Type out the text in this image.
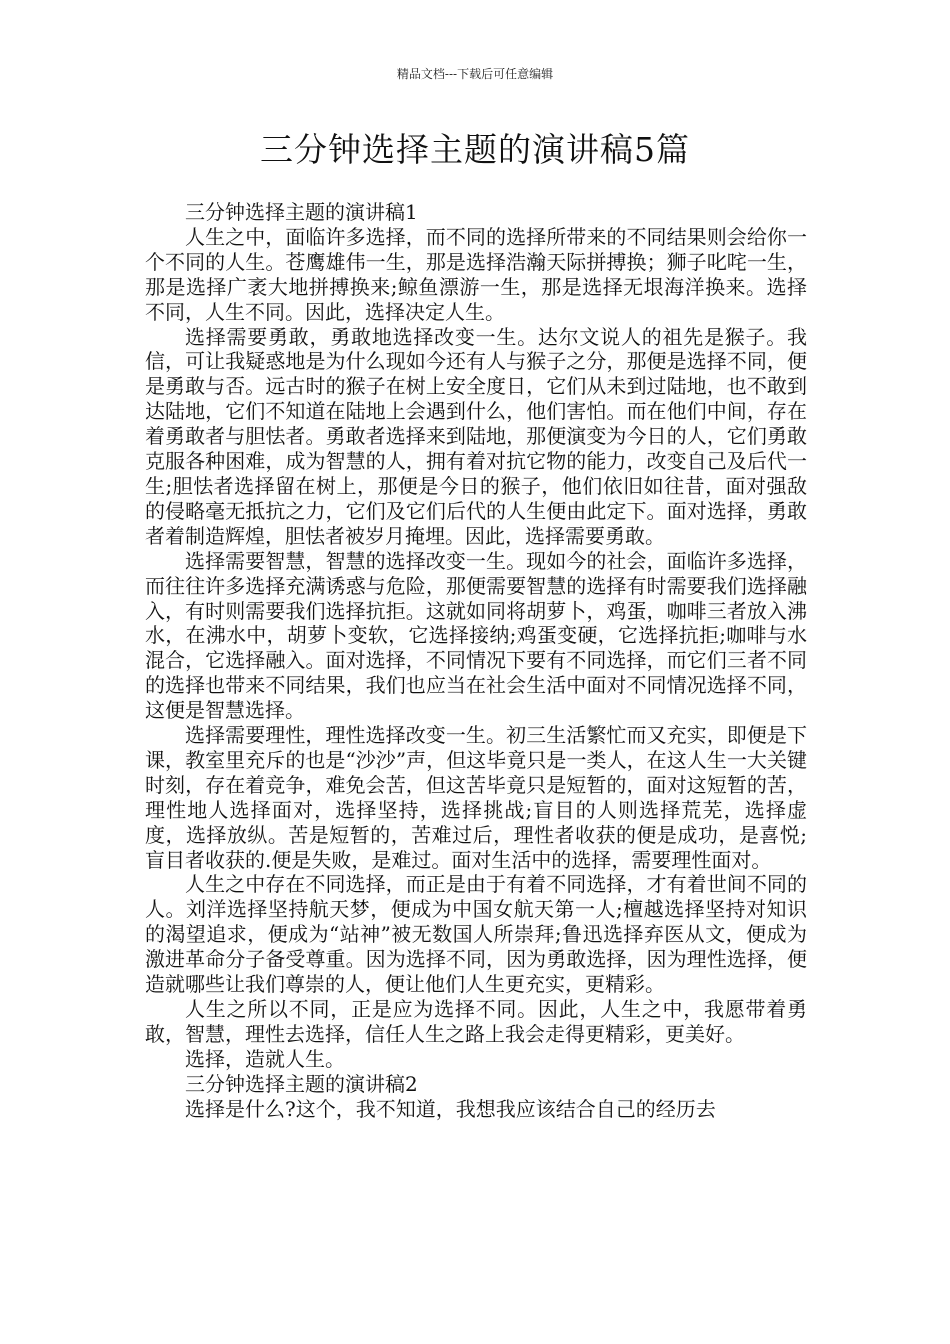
精品文档---下载后可任意编辑
三分钟选择主题的演讲稿5篇

三分钟选择主题的演讲稿1

人生之中，面临许多选择，而不同的选择所带来的不同结果则会给你一个不同的人生。苍鹰雄伟一生，那是选择浩瀚天际拼搏换；狮子叱咤一生，那是选择广袤大地拼搏换来;鲸鱼漂游一生，那是选择无垠海洋换来。选择不同，人生不同。因此，选择决定人生。

选择需要勇敢，勇敢地选择改变一生。达尔文说人的祖先是猴子。我信，可让我疑惑地是为什么现如今还有人与猴子之分，那便是选择不同，便是勇敢与否。远古时的猴子在树上安全度日，它们从未到过陆地，也不敢到达陆地，它们不知道在陆地上会遇到什么，他们害怕。而在他们中间，存在着勇敢者与胆怯者。勇敢者选择来到陆地，那便演变为今日的人，它们勇敢克服各种困难，成为智慧的人，拥有着对抗它物的能力，改变自己及后代一生;胆怯者选择留在树上，那便是今日的猴子，他们依旧如往昔，面对强敌的侵略毫无抵抗之力，它们及它们后代的人生便由此定下。面对选择，勇敢者着制造辉煌，胆怯者被岁月掩埋。因此，选择需要勇敢。

选择需要智慧，智慧的选择改变一生。现如今的社会，面临许多选择，而往往许多选择充满诱惑与危险，那便需要智慧的选择有时需要我们选择融入，有时则需要我们选择抗拒。这就如同将胡萝卜，鸡蛋，咖啡三者放入沸水，在沸水中，胡萝卜变软，它选择接纳;鸡蛋变硬，它选择抗拒;咖啡与水混合，它选择融入。面对选择，不同情况下要有不同选择，而它们三者不同的选择也带来不同结果，我们也应当在社会生活中面对不同情况选择不同，这便是智慧选择。

选择需要理性，理性选择改变一生。初三生活繁忙而又充实，即便是下课，教室里充斥的也是“沙沙”声，但这毕竟只是一类人，在这人生一大关键时刻，存在着竞争，难免会苦，但这苦毕竟只是短暂的，面对这短暂的苦，理性地人选择面对，选择坚持，选择挑战;盲目的人则选择荒芜，选择虚度，选择放纵。苦是短暂的，苦难过后，理性者收获的便是成功，是喜悦;盲目者收获的.便是失败，是难过。面对生活中的选择，需要理性面对。

人生之中存在不同选择，而正是由于有着不同选择，才有着世间不同的人。刘洋选择坚持航天梦，便成为中国女航天第一人;檀越选择坚持对知识的渴望追求，便成为“站神”被无数国人所崇拜;鲁迅选择弃医从文，便成为激进革命分子备受尊重。因为选择不同，因为勇敢选择，因为理性选择，便造就哪些让我们尊崇的人，便让他们人生更充实，更精彩。

人生之所以不同，正是应为选择不同。因此，人生之中，我愿带着勇敢，智慧，理性去选择，信任人生之路上我会走得更精彩，更美好。

选择，造就人生。

三分钟选择主题的演讲稿2

选择是什么?这个，我不知道，我想我应该结合自己的经历去
